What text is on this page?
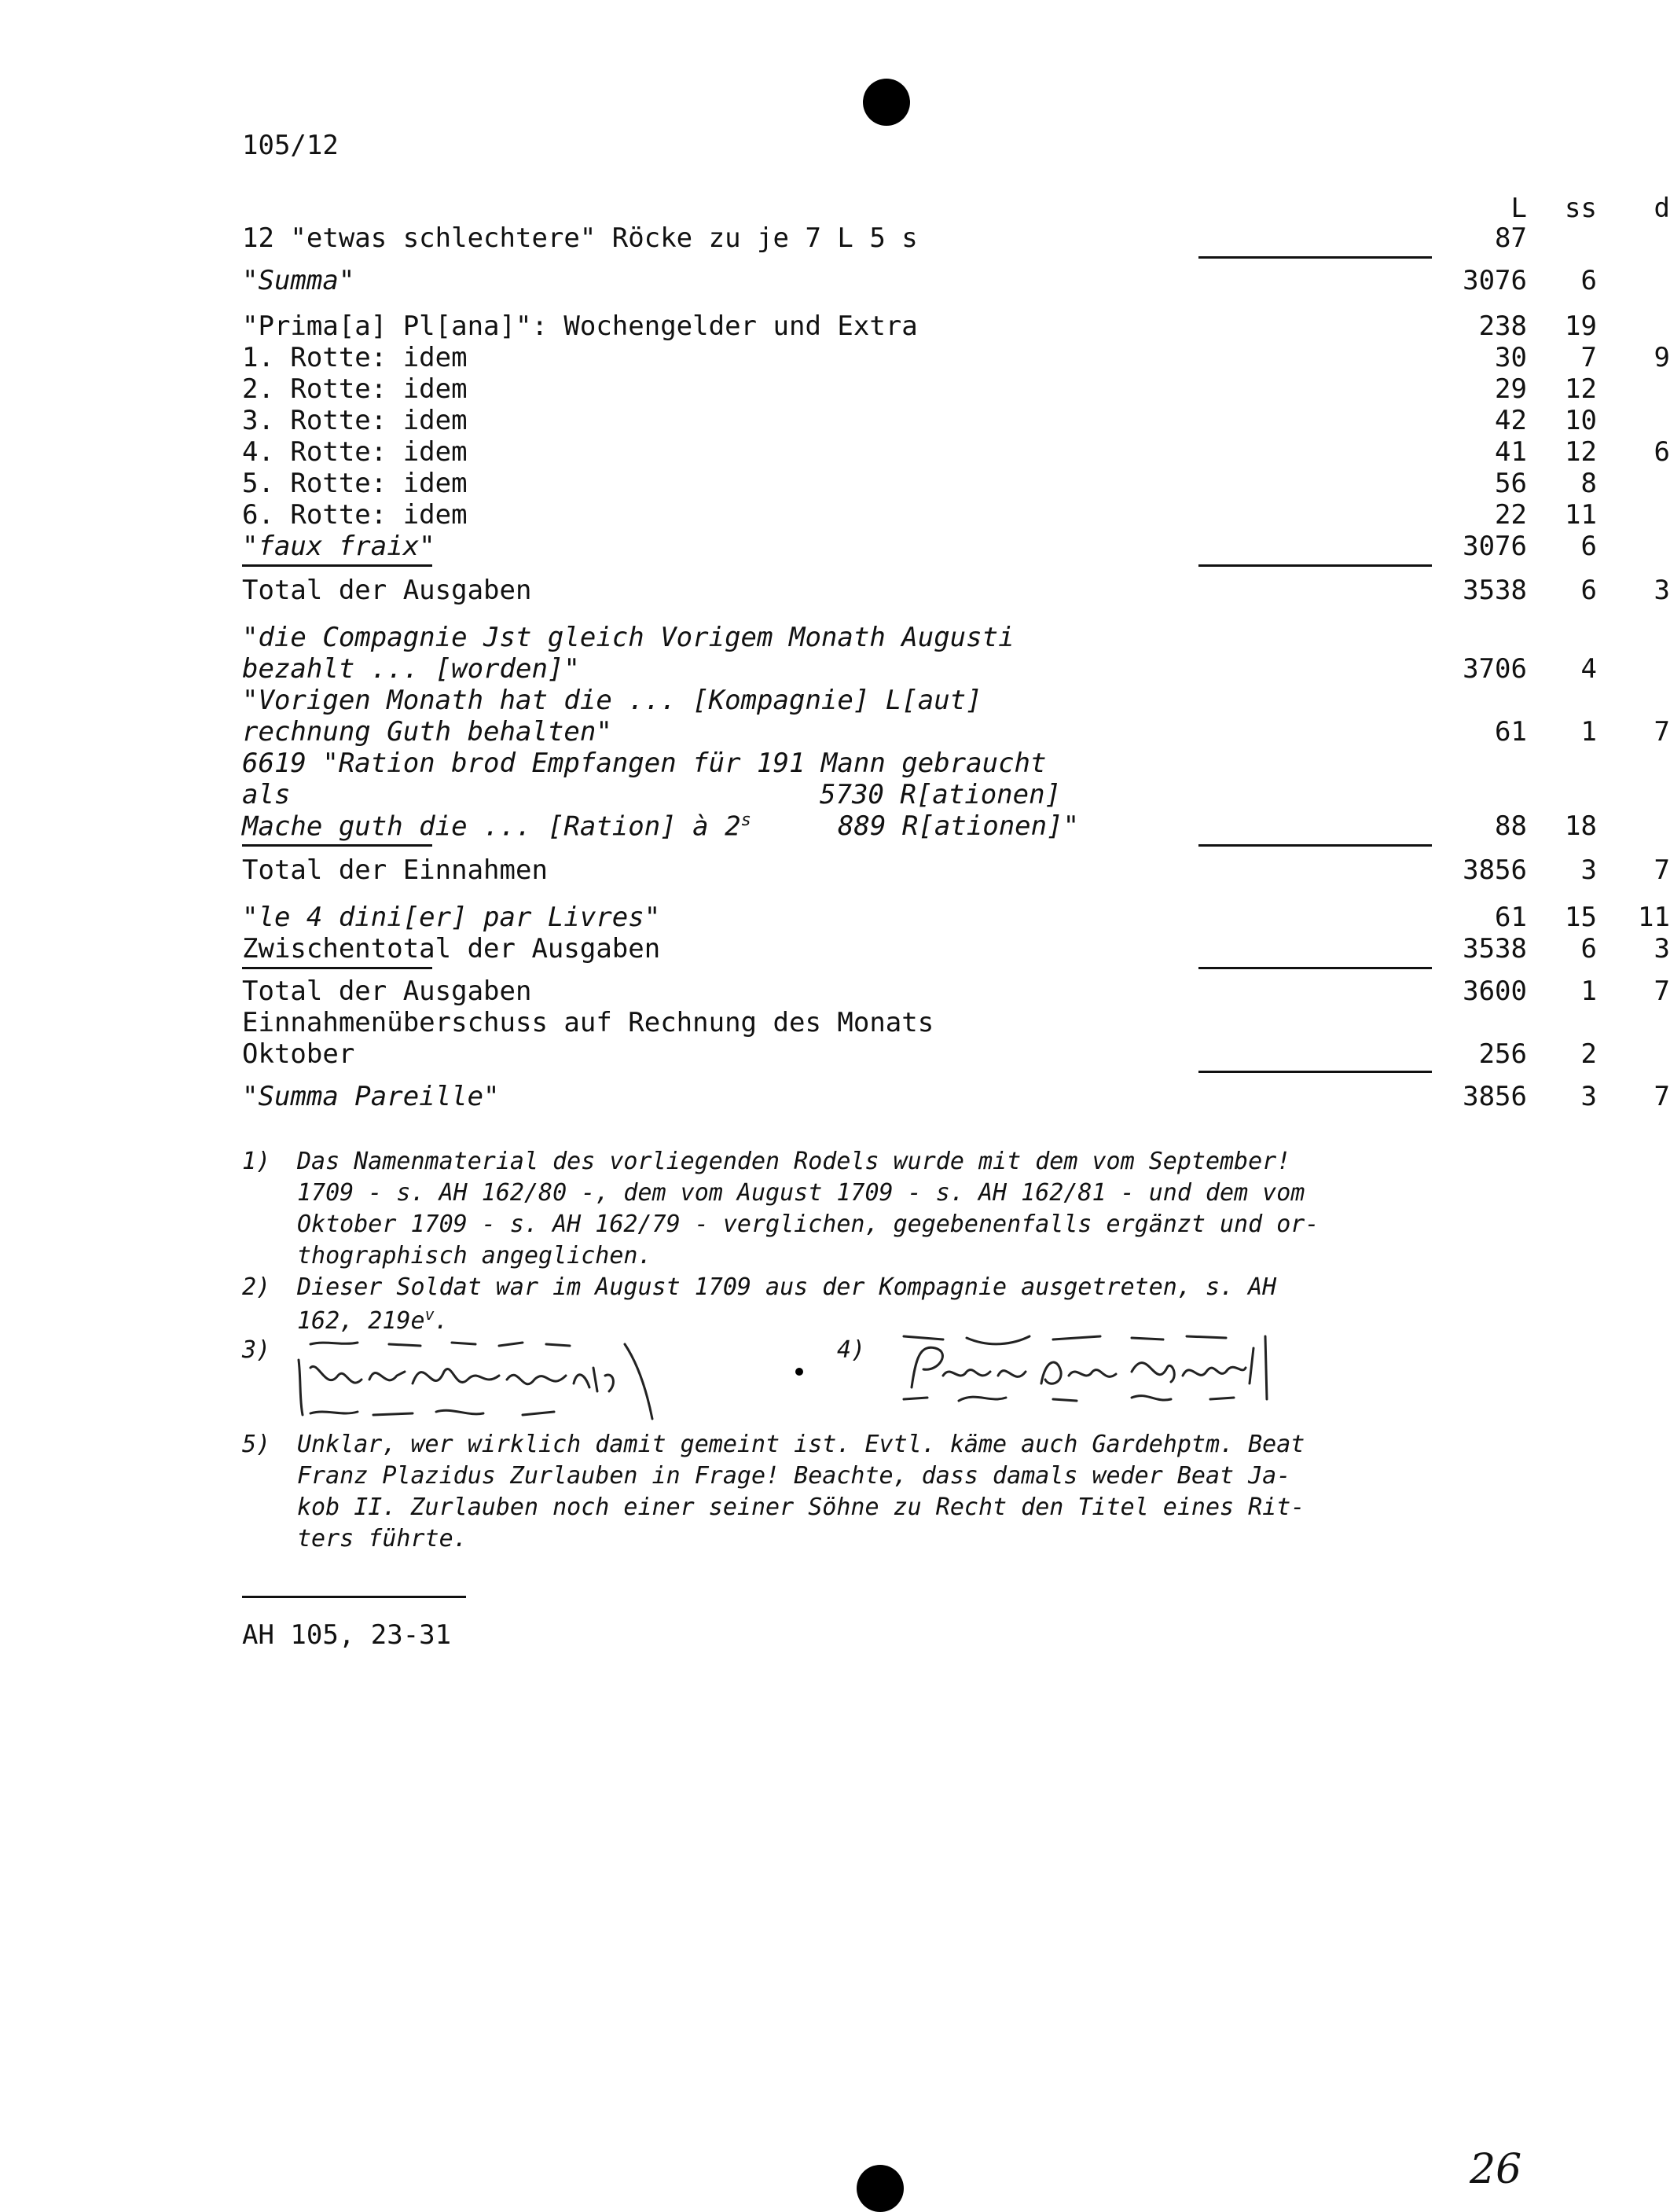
105/12
L	ss	d
12 "etwas schlechtere" Röcke zu je 7 L 5 s	87
"Summa"	3076	6
"Prima[a] Pl[ana]": Wochengelder und Extra	238	19
1. Rotte: idem	30	7	9
2. Rotte: idem	29	12
3. Rotte: idem	42	10
4. Rotte: idem	41	12	6
5. Rotte: idem	56	8
6. Rotte: idem	22	11
"faux fraix"	3076	6
Total der Ausgaben	3538	6	3
"die Compagnie Jst gleich Vorigem Monath Augusti
bezahlt ... [worden]"	3706	4
"Vorigen Monath hat die ... [Kompagnie] L[aut]
rechnung Guth behalten"	61	1	7
6619 "Ration brod Empfangen für 191 Mann gebraucht
als	5730 R[ationen]
Mache guth die ... [Ration] à 2$^s$	889 R[ationen]"	88	18
Total der Einnahmen	3856	3	7
"le 4 dini[er] par Livres"	61	15	11
Zwischentotal der Ausgaben	3538	6	3
Total der Ausgaben	3600	1	7
Einnahmenüberschuss auf Rechnung des Monats
Oktober	256	2
"Summa Pareille"	3856	3	7
1) Das Namenmaterial des vorliegenden Rodels wurde mit dem vom September!
1709 - s. AH 162/80 -, dem vom August 1709 - s. AH 162/81 - und dem vom
Oktober 1709 - s. AH 162/79 - verglichen, gegebenenfalls ergänzt und or-
thographisch angeglichen.
2) Dieser Soldat war im August 1709 aus der Kompagnie ausgetreten, s. AH
162, $219e^v$.
3)	4)
5) Unklar, wer wirklich damit gemeint ist. Evtl. käme auch Gardehptm. Beat
Franz Plazidus Zurlauben in Frage! Beachte, dass damals weder Beat Ja-
kob II. Zurlauben noch einer seiner Söhne zu Recht den Titel eines Rit-
ters führte.
AH 105, 23-31
26
